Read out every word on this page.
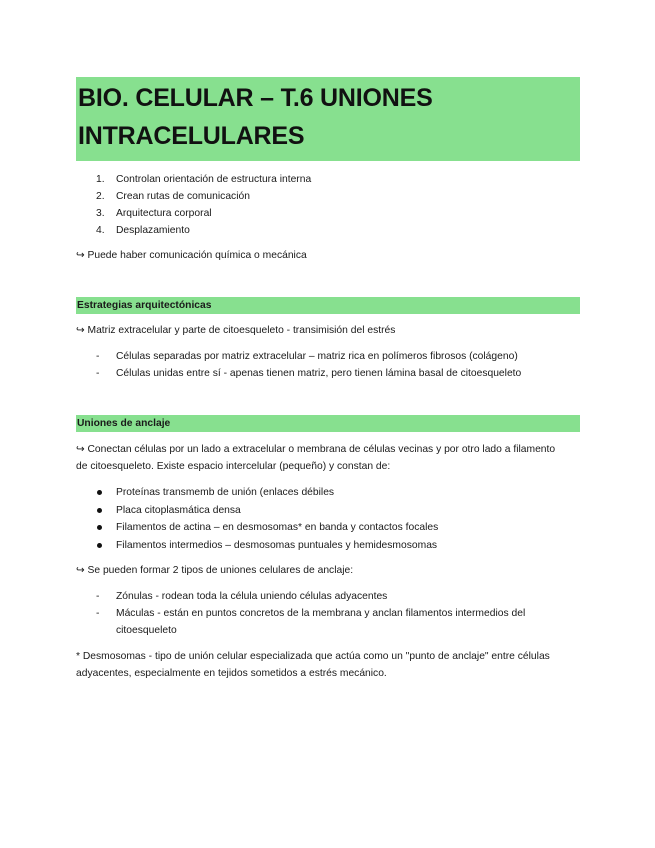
BIO. CELULAR – T.6 UNIONES
INTRACELULARES
1. Controlan orientación de estructura interna
2. Crean rutas de comunicación
3. Arquitectura corporal
4. Desplazamiento

↪ Puede haber comunicación química o mecánica

Estrategias arquitectónicas

↪ Matriz extracelular y parte de citoesqueleto - transimisión del estrés

- Células separadas por matriz extracelular – matriz rica en polímeros fibrosos (colágeno)
- Células unidas entre sí - apenas tienen matriz, pero tienen lámina basal de citoesqueleto
Uniones de anclaje

↪ Conectan células por un lado a extracelular o membrana de células vecinas y por otro lado a filamento
de citoesqueleto. Existe espacio intercelular (pequeño) y constan de:

Proteínas transmemb de unión (enlaces débiles
Placa citoplasmática densa
Filamentos de actina – en desmosomas* en banda y contactos focales
Filamentos intermedios – desmosomas puntuales y hemidesmosomas

↪ Se pueden formar 2 tipos de uniones celulares de anclaje:

- Zónulas - rodean toda la célula uniendo células adyacentes
- Máculas - están en puntos concretos de la membrana y anclan filamentos intermedios del
citoesqueleto

* Desmosomas - tipo de unión celular especializada que actúa como un "punto de anclaje" entre células
adyacentes, especialmente en tejidos sometidos a estrés mecánico.
